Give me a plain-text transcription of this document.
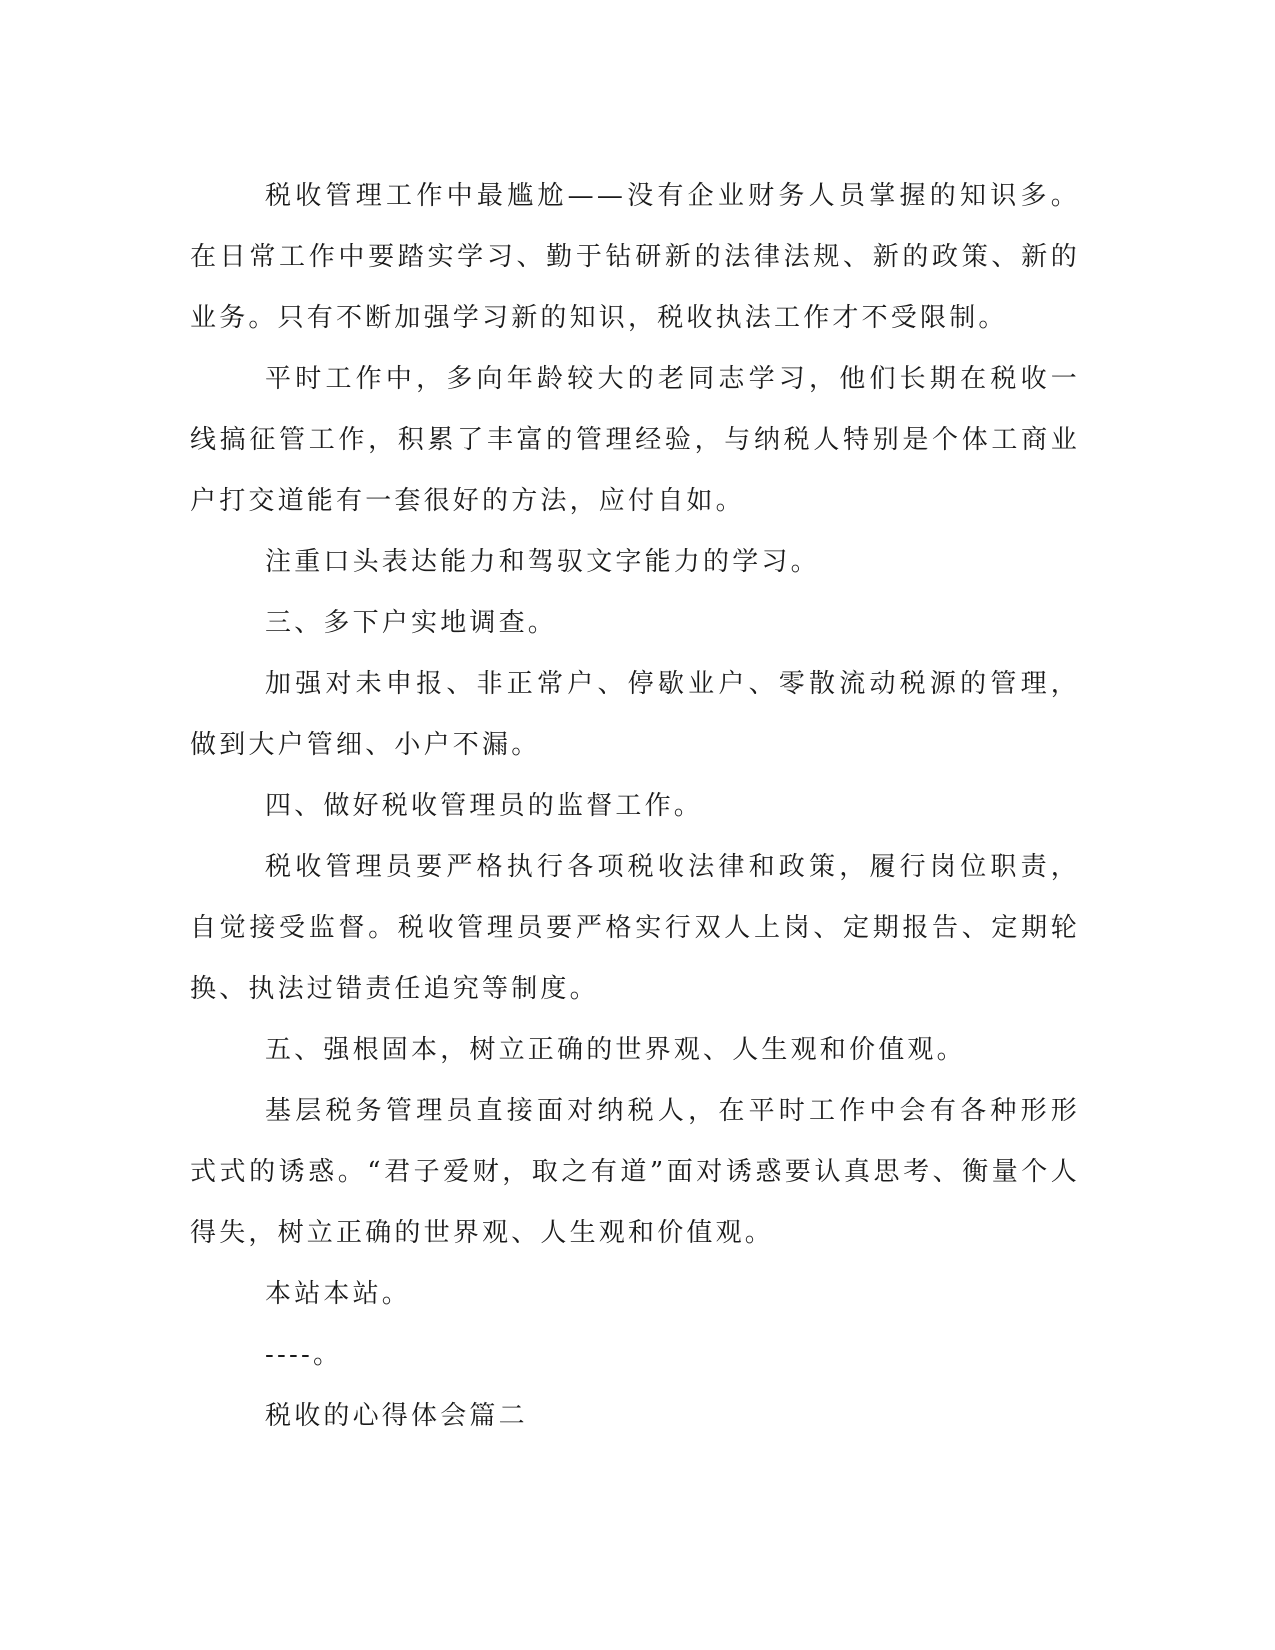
税收管理工作中最尴尬——没有企业财务人员掌握的知识多。在日常工作中要踏实学习、勤于钻研新的法律法规、新的政策、新的业务。只有不断加强学习新的知识，税收执法工作才不受限制。

平时工作中，多向年龄较大的老同志学习，他们长期在税收一线搞征管工作，积累了丰富的管理经验，与纳税人特别是个体工商业户打交道能有一套很好的方法，应付自如。

注重口头表达能力和驾驭文字能力的学习。

三、多下户实地调查。

加强对未申报、非正常户、停歇业户、零散流动税源的管理，做到大户管细、小户不漏。

四、做好税收管理员的监督工作。

税收管理员要严格执行各项税收法律和政策，履行岗位职责，自觉接受监督。税收管理员要严格实行双人上岗、定期报告、定期轮换、执法过错责任追究等制度。

五、强根固本，树立正确的世界观、人生观和价值观。

基层税务管理员直接面对纳税人，在平时工作中会有各种形形式式的诱惑。“君子爱财，取之有道”面对诱惑要认真思考、衡量个人得失，树立正确的世界观、人生观和价值观。

本站本站。

----。

税收的心得体会篇二
